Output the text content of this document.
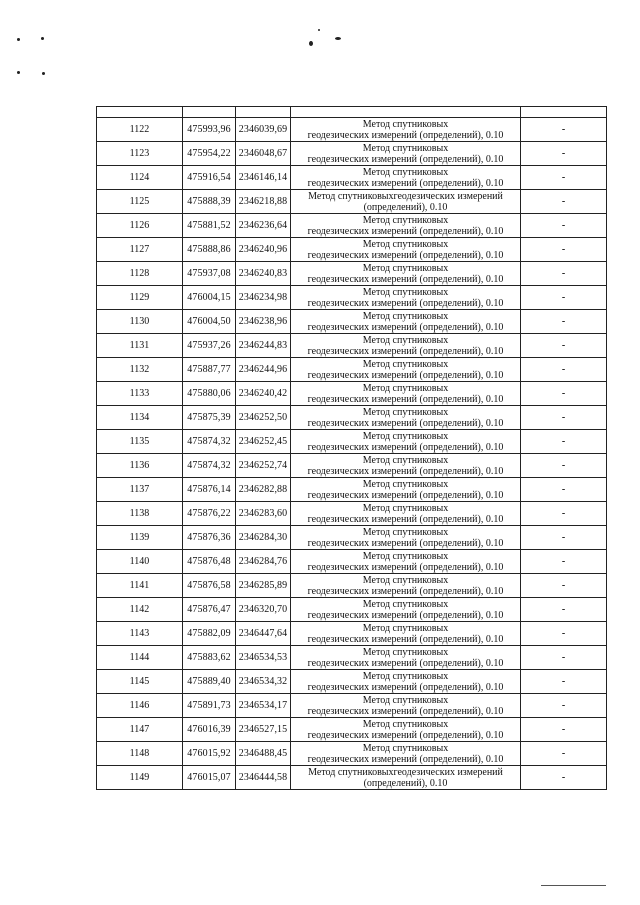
1122	475993,96	2346039,69	Метод спутниковых
геодезических измерений (определений), 0.10	-
1123	475954,22	2346048,67	Метод спутниковых
геодезических измерений (определений), 0.10	-
1124	475916,54	2346146,14	Метод спутниковых
геодезических измерений (определений), 0.10	-
1125	475888,39	2346218,88	Метод спутниковыхгеодезических измерений
(определений), 0.10	-
1126	475881,52	2346236,64	Метод спутниковых
геодезических измерений (определений), 0.10	-
1127	475888,86	2346240,96	Метод спутниковых
геодезических измерений (определений), 0.10	-
1128	475937,08	2346240,83	Метод спутниковых
геодезических измерений (определений), 0.10	-
1129	476004,15	2346234,98	Метод спутниковых
геодезических измерений (определений), 0.10	-
1130	476004,50	2346238,96	Метод спутниковых
геодезических измерений (определений), 0.10	-
1131	475937,26	2346244,83	Метод спутниковых
геодезических измерений (определений), 0.10	-
1132	475887,77	2346244,96	Метод спутниковых
геодезических измерений (определений), 0.10	-
1133	475880,06	2346240,42	Метод спутниковых
геодезических измерений (определений), 0.10	-
1134	475875,39	2346252,50	Метод спутниковых
геодезических измерений (определений), 0.10	-
1135	475874,32	2346252,45	Метод спутниковых
геодезических измерений (определений), 0.10	-
1136	475874,32	2346252,74	Метод спутниковых
геодезических измерений (определений), 0.10	-
1137	475876,14	2346282,88	Метод спутниковых
геодезических измерений (определений), 0.10	-
1138	475876,22	2346283,60	Метод спутниковых
геодезических измерений (определений), 0.10	-
1139	475876,36	2346284,30	Метод спутниковых
геодезических измерений (определений), 0.10	-
1140	475876,48	2346284,76	Метод спутниковых
геодезических измерений (определений), 0.10	-
1141	475876,58	2346285,89	Метод спутниковых
геодезических измерений (определений), 0.10	-
1142	475876,47	2346320,70	Метод спутниковых
геодезических измерений (определений), 0.10	-
1143	475882,09	2346447,64	Метод спутниковых
геодезических измерений (определений), 0.10	-
1144	475883,62	2346534,53	Метод спутниковых
геодезических измерений (определений), 0.10	-
1145	475889,40	2346534,32	Метод спутниковых
геодезических измерений (определений), 0.10	-
1146	475891,73	2346534,17	Метод спутниковых
геодезических измерений (определений), 0.10	-
1147	476016,39	2346527,15	Метод спутниковых
геодезических измерений (определений), 0.10	-
1148	476015,92	2346488,45	Метод спутниковых
геодезических измерений (определений), 0.10	-
1149	476015,07	2346444,58	Метод спутниковыхгеодезических измерений
(определений), 0.10	-
